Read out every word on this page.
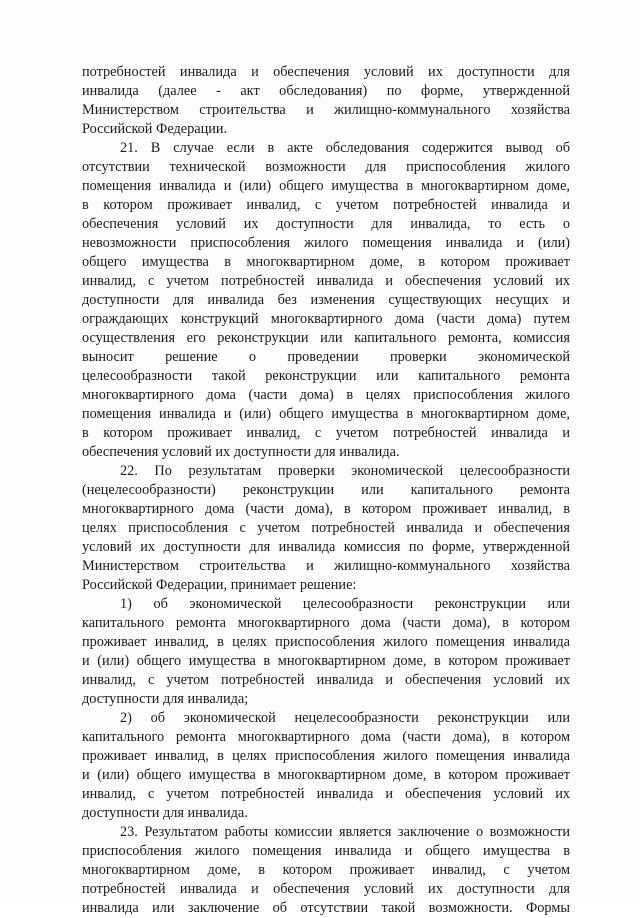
потребностей инвалида и обеспечения условий их доступности для
инвалида (далее - акт обследования) по форме, утвержденной
Министерством строительства и жилищно-коммунального хозяйства
Российской Федерации.
21. В случае если в акте обследования содержится вывод об
отсутствии технической возможности для приспособления жилого
помещения инвалида и (или) общего имущества в многоквартирном доме,
в котором проживает инвалид, с учетом потребностей инвалида и
обеспечения условий их доступности для инвалида, то есть о
невозможности приспособления жилого помещения инвалида и (или)
общего имущества в многоквартирном доме, в котором проживает
инвалид, с учетом потребностей инвалида и обеспечения условий их
доступности для инвалида без изменения существующих несущих и
ограждающих конструкций многоквартирного дома (части дома) путем
осуществления его реконструкции или капитального ремонта, комиссия
выносит решение о проведении проверки экономической
целесообразности такой реконструкции или капитального ремонта
многоквартирного дома (части дома) в целях приспособления жилого
помещения инвалида и (или) общего имущества в многоквартирном доме,
в котором проживает инвалид, с учетом потребностей инвалида и
обеспечения условий их доступности для инвалида.
22. По результатам проверки экономической целесообразности
(нецелесообразности) реконструкции или капитального ремонта
многоквартирного дома (части дома), в котором проживает инвалид, в
целях приспособления с учетом потребностей инвалида и обеспечения
условий их доступности для инвалида комиссия по форме, утвержденной
Министерством строительства и жилищно-коммунального хозяйства
Российской Федерации, принимает решение:
1) об экономической целесообразности реконструкции или
капитального ремонта многоквартирного дома (части дома), в котором
проживает инвалид, в целях приспособления жилого помещения инвалида
и (или) общего имущества в многоквартирном доме, в котором проживает
инвалид, с учетом потребностей инвалида и обеспечения условий их
доступности для инвалида;
2) об экономической нецелесообразности реконструкции или
капитального ремонта многоквартирного дома (части дома), в котором
проживает инвалид, в целях приспособления жилого помещения инвалида
и (или) общего имущества в многоквартирном доме, в котором проживает
инвалид, с учетом потребностей инвалида и обеспечения условий их
доступности для инвалида.
23. Результатом работы комиссии является заключение о возможности
приспособления жилого помещения инвалида и общего имущества в
многоквартирном доме, в котором проживает инвалид, с учетом
потребностей инвалида и обеспечения условий их доступности для
инвалида или заключение об отсутствии такой возможности. Формы
